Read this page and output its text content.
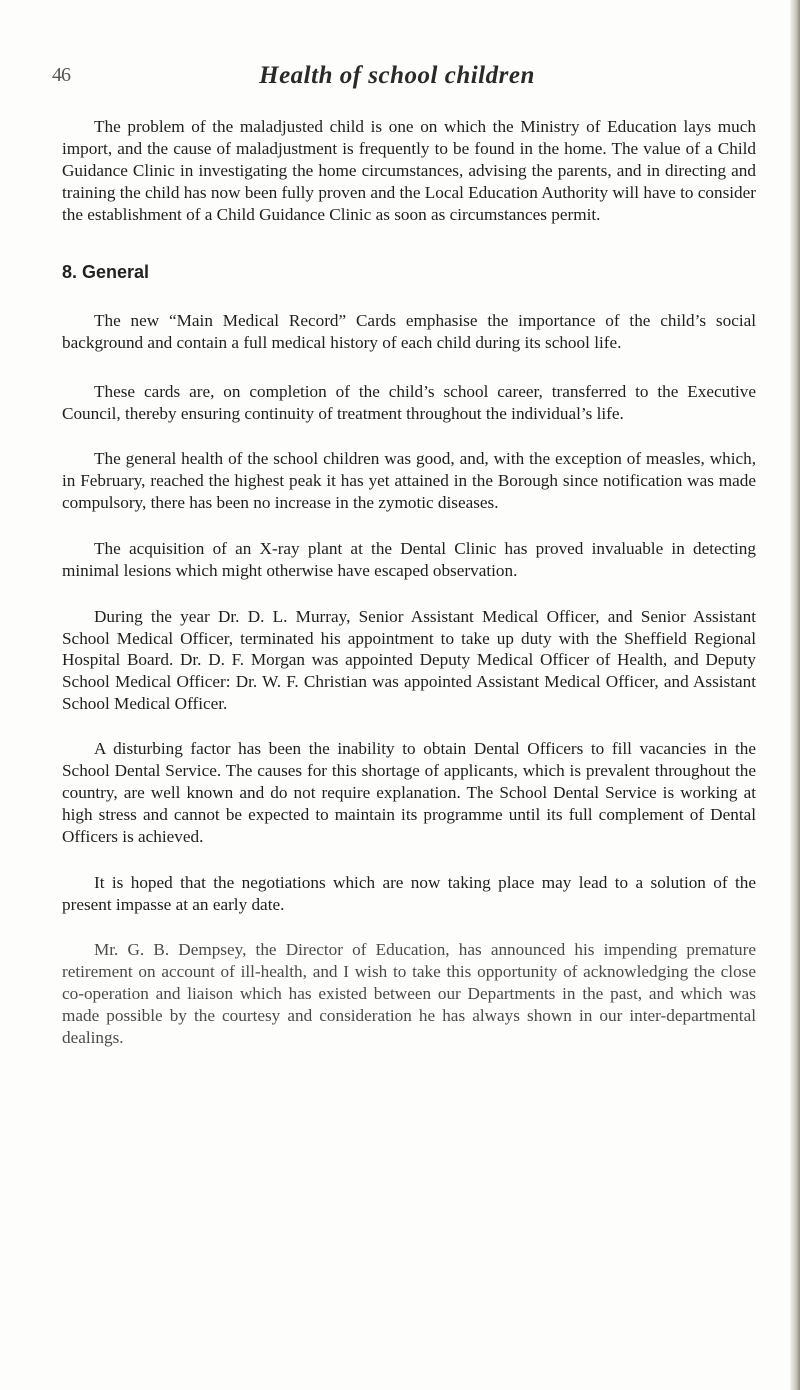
46	Health of school children

The problem of the maladjusted child is one on which the Ministry of Education lays much import, and the cause of maladjustment is frequently to be found in the home. The value of a Child Guidance Clinic in investigating the home circumstances, advising the parents, and in directing and training the child has now been fully proven and the Local Education Authority will have to consider the establishment of a Child Guidance Clinic as soon as circumstances permit.

8. General

The new “Main Medical Record” Cards emphasise the importance of the child’s social background and contain a full medical history of each child during its school life.

These cards are, on completion of the child’s school career, transferred to the Executive Council, thereby ensuring continuity of treatment throughout the individual’s life.

The general health of the school children was good, and, with the exception of measles, which, in February, reached the highest peak it has yet attained in the Borough since notification was made compulsory, there has been no increase in the zymotic diseases.

The acquisition of an X-ray plant at the Dental Clinic has proved invaluable in detecting minimal lesions which might otherwise have escaped observation.

During the year Dr. D. L. Murray, Senior Assistant Medical Officer, and Senior Assistant School Medical Officer, terminated his appointment to take up duty with the Sheffield Regional Hospital Board. Dr. D. F. Morgan was appointed Deputy Medical Officer of Health, and Deputy School Medical Officer: Dr. W. F. Christian was appointed Assistant Medical Officer, and Assistant School Medical Officer.

A disturbing factor has been the inability to obtain Dental Officers to fill vacancies in the School Dental Service. The causes for this shortage of applicants, which is prevalent throughout the country, are well known and do not require explanation. The School Dental Service is working at high stress and cannot be expected to maintain its programme until its full complement of Dental Officers is achieved.

It is hoped that the negotiations which are now taking place may lead to a solution of the present impasse at an early date.

Mr. G. B. Dempsey, the Director of Education, has announced his impending premature retirement on account of ill-health, and I wish to take this opportunity of acknowledging the close co-operation and liaison which has existed between our Departments in the past, and which was made possible by the courtesy and consideration he has always shown in our inter-departmental dealings.
